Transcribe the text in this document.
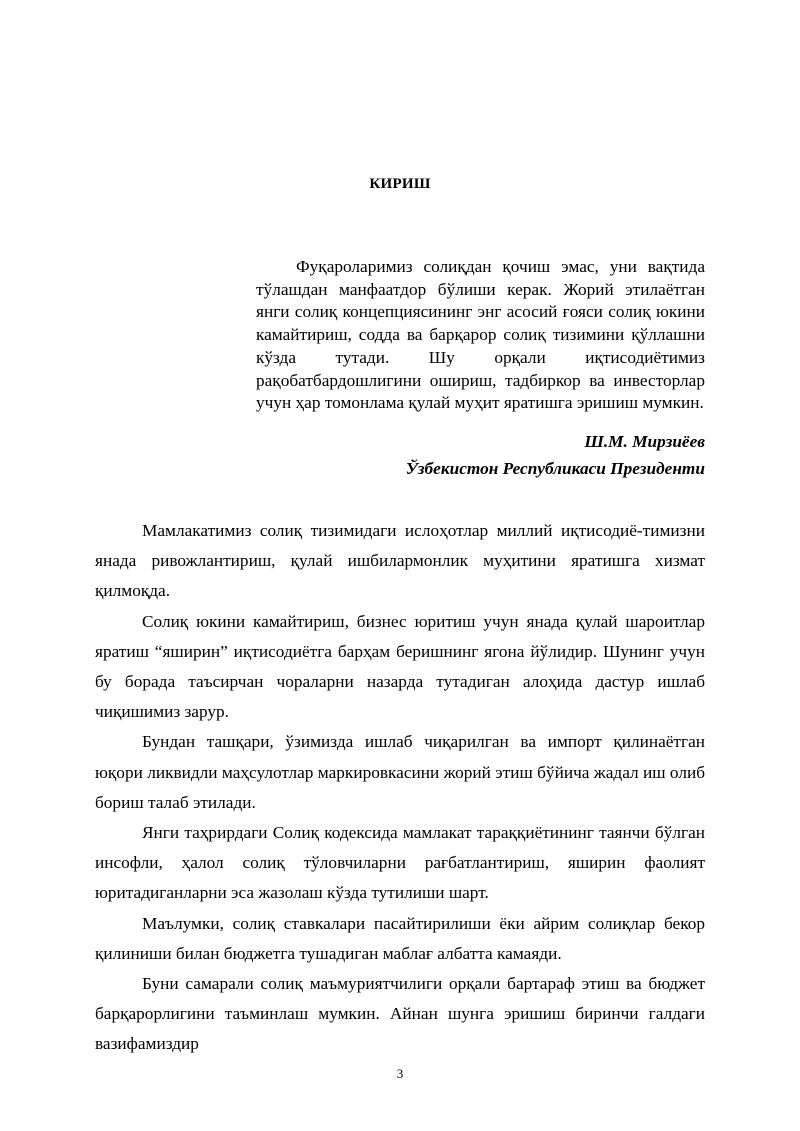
КИРИШ

Фуқароларимиз солиқдан қочиш эмас, уни вақтида тўлашдан манфаатдор бўлиши керак. Жорий этилаётган янги солиқ концепциясининг энг асосий ғояси солиқ юкини камайтириш, содда ва барқарор солиқ тизимини қўллашни кўзда тутади. Шу орқали иқтисодиётимиз рақобатбардошлигини ошириш, тадбиркор ва инвесторлар учун ҳар томонлама қулай муҳит яратишга эришиш мумкин.

Ш.М. Мирзиёев
Ўзбекистон Республикаси Президенти

Мамлакатимиз солиқ тизимидаги ислоҳотлар миллий иқтисодиё-тимизни янада ривожлантириш, қулай ишбилармонлик муҳитини яратишга хизмат қилмоқда.

Солиқ юкини камайтириш, бизнес юритиш учун янада қулай шароитлар яратиш “яширин” иқтисодиётга барҳам беришнинг ягона йўлидир. Шунинг учун бу борада таъсирчан чораларни назарда тутадиган алоҳида дастур ишлаб чиқишимиз зарур.

Бундан ташқари, ўзимизда ишлаб чиқарилган ва импорт қилинаётган юқори ликвидли маҳсулотлар маркировкасини жорий этиш бўйича жадал иш олиб бориш талаб этилади.

Янги таҳрирдаги Солиқ кодексида мамлакат тараққиётининг таянчи бўлган инсофли, ҳалол солиқ тўловчиларни рағбатлантириш, яширин фаолият юритадиганларни эса жазолаш кўзда тутилиши шарт.

Маълумки, солиқ ставкалари пасайтирилиши ёки айрим солиқлар бекор қилиниши билан бюджетга тушадиган маблағ албатта камаяди.

Буни самарали солиқ маъмуриятчилиги орқали бартараф этиш ва бюджет барқарорлигини таъминлаш мумкин. Айнан шунга эришиш биринчи галдаги вазифамиздир

3
